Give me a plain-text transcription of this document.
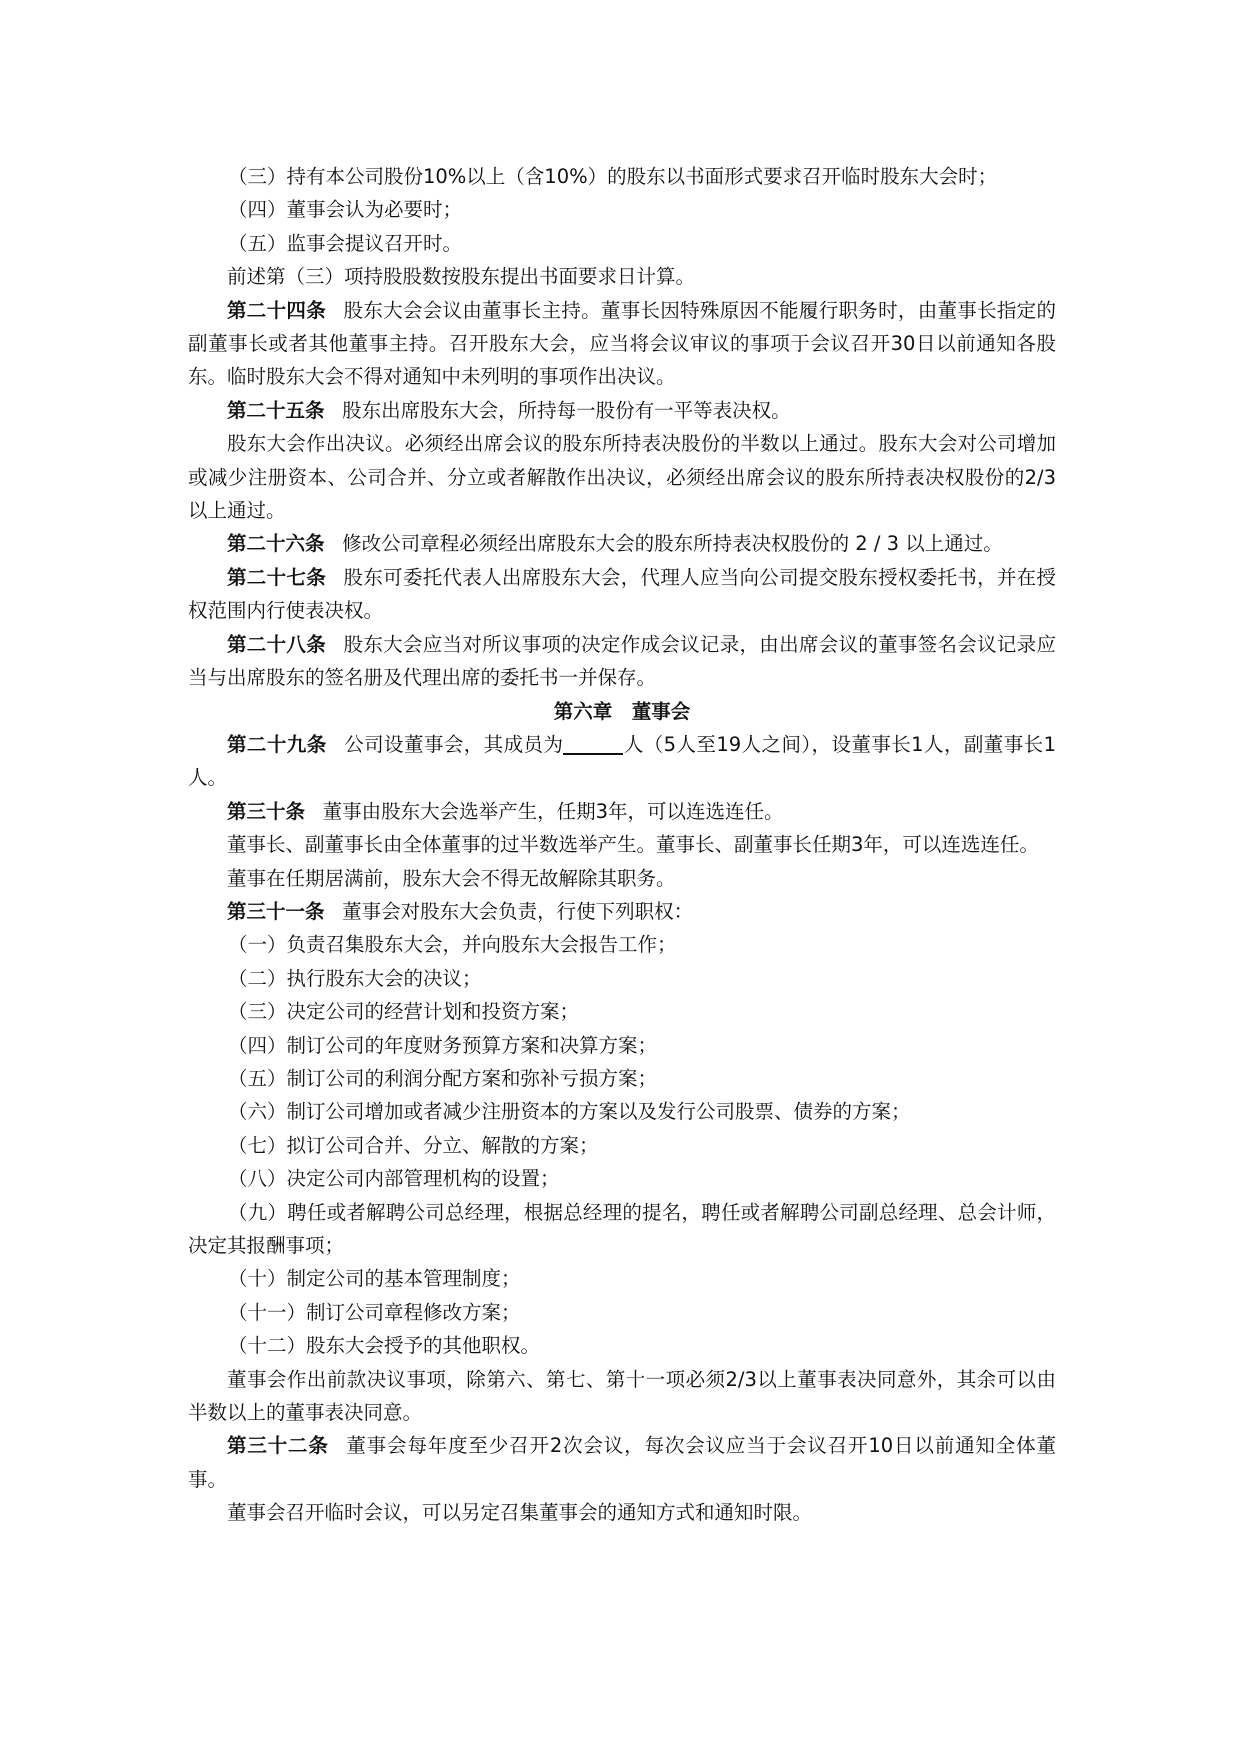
（三）持有本公司股份10%以上（含10%）的股东以书面形式要求召开临时股东大会时；

（四）董事会认为必要时；

（五）监事会提议召开时。

前述第（三）项持股股数按股东提出书面要求日计算。

第二十四条 股东大会会议由董事长主持。董事长因特殊原因不能履行职务时，由董事长指定的副董事长或者其他董事主持。召开股东大会，应当将会议审议的事项于会议召开30日以前通知各股东。临时股东大会不得对通知中未列明的事项作出决议。

第二十五条 股东出席股东大会，所持每一股份有一平等表决权。

股东大会作出决议。必须经出席会议的股东所持表决股份的半数以上通过。股东大会对公司增加或减少注册资本、公司合并、分立或者解散作出决议，必须经出席会议的股东所持表决权股份的2/3以上通过。

第二十六条 修改公司章程必须经出席股东大会的股东所持表决权股份的 2 / 3 以上通过。

第二十七条 股东可委托代表人出席股东大会，代理人应当向公司提交股东授权委托书，并在授权范围内行使表决权。

第二十八条 股东大会应当对所议事项的决定作成会议记录，由出席会议的董事签名会议记录应当与出席股东的签名册及代理出席的委托书一并保存。

第六章　董事会

第二十九条 公司设董事会，其成员为	人（5人至19人之间），设董事长1人，副董事长1人。

第三十条 董事由股东大会选举产生，任期3年，可以连选连任。

董事长、副董事长由全体董事的过半数选举产生。董事长、副董事长任期3年，可以连选连任。

董事在任期居满前，股东大会不得无故解除其职务。

第三十一条 董事会对股东大会负责，行使下列职权：

（一）负责召集股东大会，并向股东大会报告工作；

（二）执行股东大会的决议；

（三）决定公司的经营计划和投资方案；

（四）制订公司的年度财务预算方案和决算方案；

（五）制订公司的利润分配方案和弥补亏损方案；

（六）制订公司增加或者减少注册资本的方案以及发行公司股票、债券的方案；

（七）拟订公司合并、分立、解散的方案；

（八）决定公司内部管理机构的设置；

（九）聘任或者解聘公司总经理，根据总经理的提名，聘任或者解聘公司副总经理、总会计师，决定其报酬事项；

（十）制定公司的基本管理制度；

（十一）制订公司章程修改方案；

（十二）股东大会授予的其他职权。

董事会作出前款决议事项，除第六、第七、第十一项必须2/3以上董事表决同意外，其余可以由半数以上的董事表决同意。

第三十二条 董事会每年度至少召开2次会议，每次会议应当于会议召开10日以前通知全体董事。

董事会召开临时会议，可以另定召集董事会的通知方式和通知时限。
